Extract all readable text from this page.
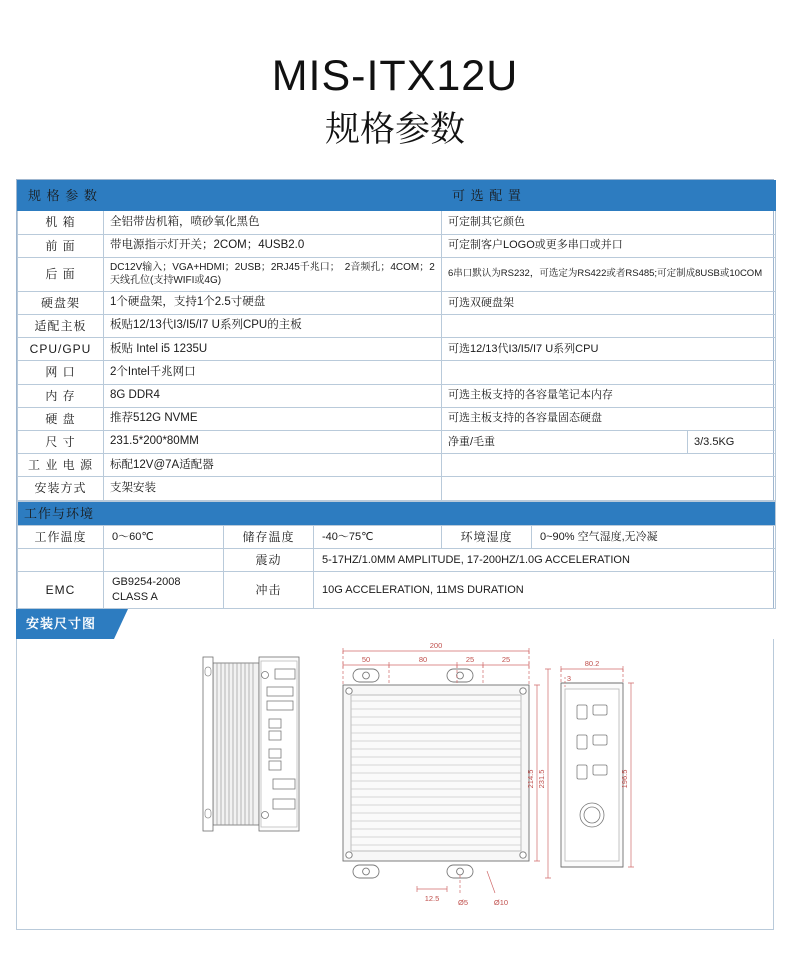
MIS-ITX12U
规格参数
规 格 参 数		可 选 配 置	
机 箱	全铝带齿机箱，喷砂氧化黑色	可定制其它颜色	
前 面	带电源指示灯开关；2COM；4USB2.0	可定制客户LOGO或更多串口或并口	
后 面	DC12V输入；VGA+HDMI；2USB；2RJ45千兆口；　2音频孔；4COM；2天线孔位(支持WIFI或4G)	6串口默认为RS232，可选定为RS422或者RS485;可定制成8USB或10COM	
硬盘架	1个硬盘架，支持1个2.5寸硬盘	可选双硬盘架	
适配主板	板贴12/13代I3/I5/I7 U系列CPU的主板		
CPU/GPU	板贴 Intel i5 1235U	可选12/13代I3/I5/I7 U系列CPU	
网 口	2个Intel千兆网口		
内 存	8G DDR4	可选主板支持的各容量笔记本内存	
硬 盘	推荐512G NVME	可选主板支持的各容量固态硬盘	
尺 寸	231.5*200*80MM	净重/毛重	3/3.5KG
工 业 电 源	标配12V@7A适配器		
安装方式	支架安装		
工作与环境					
工作温度	0～60℃	储存温度	-40～75℃	环境湿度	0~90% 空气湿度,无冷凝
		震动	5-17HZ/1.0MM AMPLITUDE, 17-200HZ/1.0G ACCELERATION		
EMC	GB9254-2008 CLASS A	冲击	10G ACCELERATION, 11MS DURATION		
安装尺寸图
200
50	80	25	25	80.2
3
214.5 231.5	196.5
12.5 Ø5	Ø10
